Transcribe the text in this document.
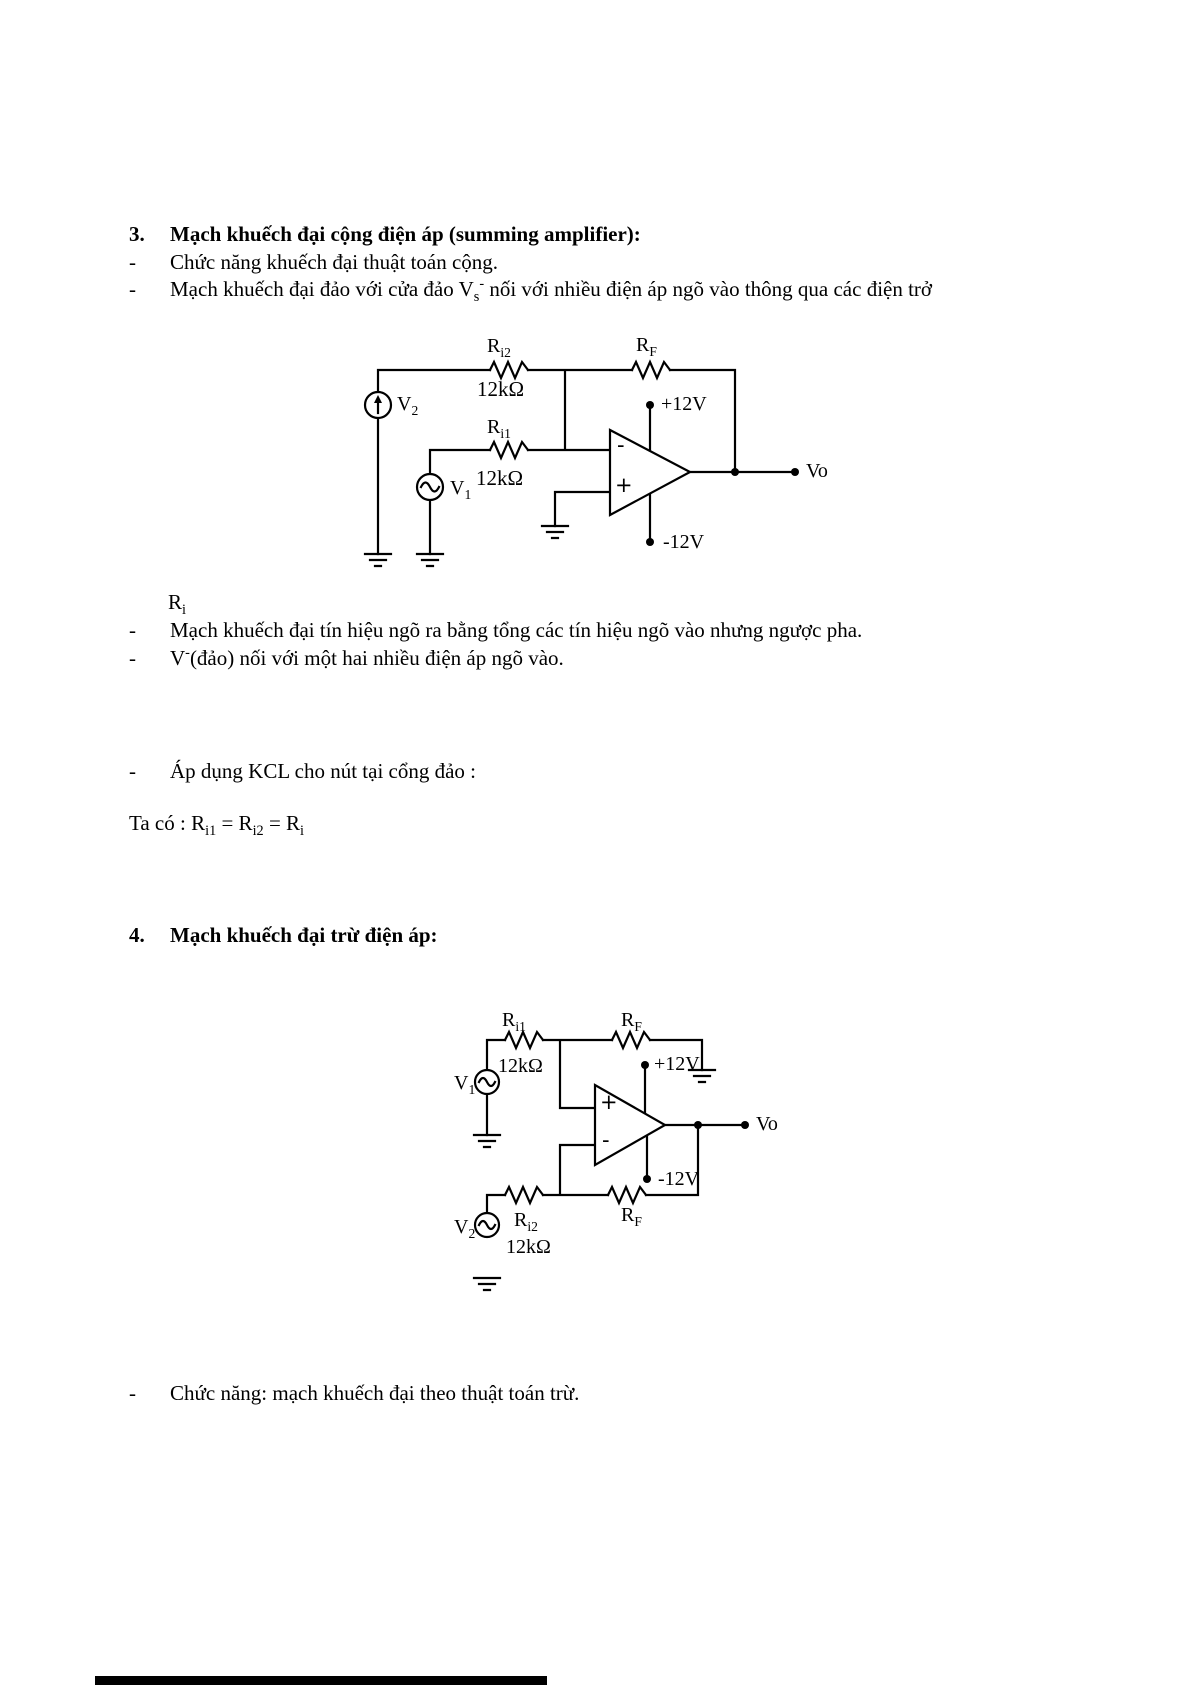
3. Mạch khuếch đại cộng điện áp (summing amplifier):
- Chức năng khuếch đại thuật toán cộng.
- Mạch khuếch đại đảo với cửa đảo $V_s^-$ nối với nhiều điện áp ngõ vào thông qua các điện trở
$R_{i2}$
12kΩ
$R_F$
$V_2$
$R_{i1}$
$V_1$
12kΩ
+12V
-12V
-
+
Vo
$R_i$
- Mạch khuếch đại tín hiệu ngõ ra bằng tổng các tín hiệu ngõ vào nhưng ngược pha.
- V-(đảo) nối với một hai nhiều điện áp ngõ vào.
- Áp dụng KCL cho nút tại cổng đảo :
Ta có : $R_{i1} = R_{i2} = R_i$
4. Mạch khuếch đại trừ điện áp:
$R_{i1}$	$R_F$
12kΩ
$V_1$
+12V
+
-
Vo
-12V
$R_{i2}$
$R_F$
12kΩ
$V_2$
- Chức năng: mạch khuếch đại theo thuật toán trừ.
